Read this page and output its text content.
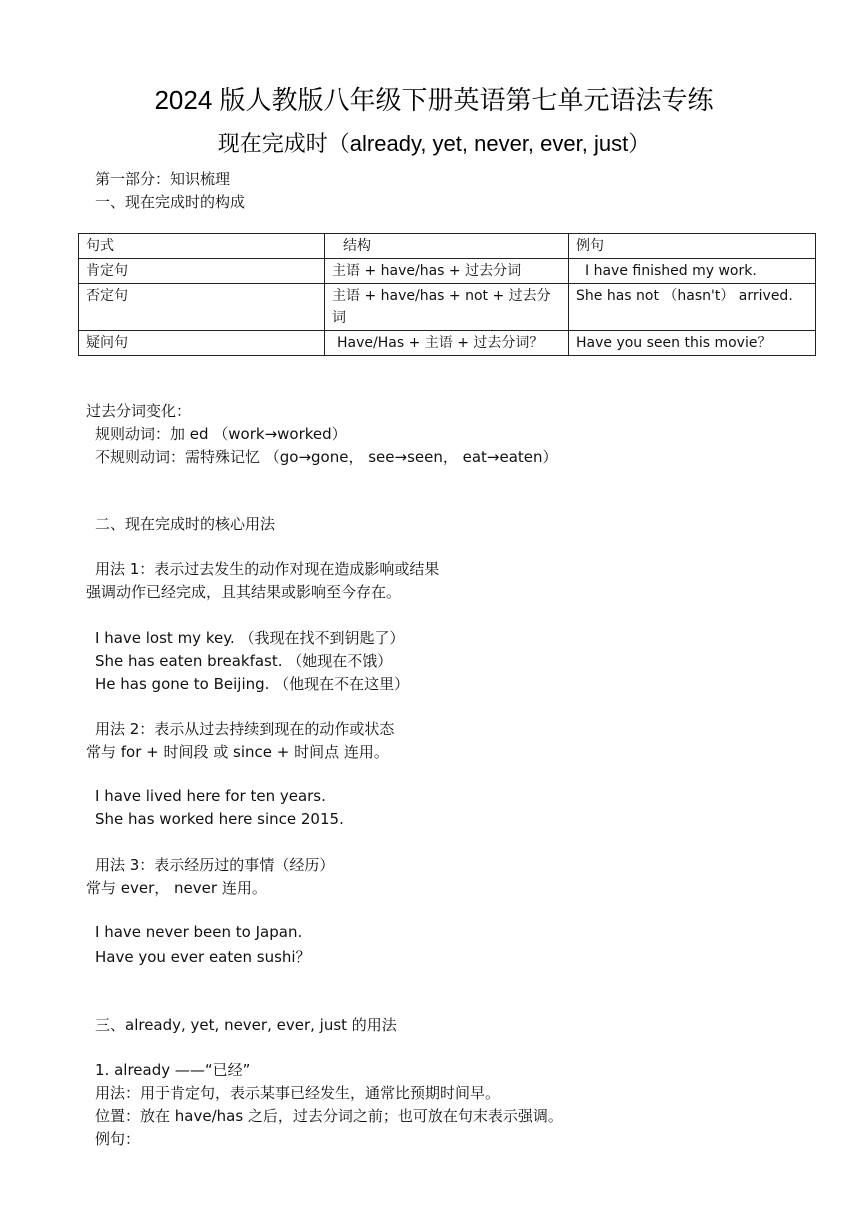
2024 版人教版八年级下册英语第七单元语法专练
现在完成时（already, yet, never, ever, just）
第一部分：知识梳理
一、现在完成时的构成
句式	结构	例句
肯定句	主语 + have/has + 过去分词	I have finished my work.
否定句	主语 + have/has + not + 过去分词	She has not （hasn't） arrived.
疑问句	Have/Has + 主语 + 过去分词？	Have you seen this movie？
过去分词变化：
规则动词：加 ed （work→worked）
不规则动词：需特殊记忆 （go→gone， see→seen， eat→eaten）
二、现在完成时的核心用法
用法 1：表示过去发生的动作对现在造成影响或结果
强调动作已经完成，且其结果或影响至今存在。
I have lost my key. （我现在找不到钥匙了）
She has eaten breakfast. （她现在不饿）
He has gone to Beijing. （他现在不在这里）
用法 2：表示从过去持续到现在的动作或状态
常与 for + 时间段 或 since + 时间点 连用。
I have lived here for ten years.
She has worked here since 2015.
用法 3：表示经历过的事情（经历）
常与 ever， never 连用。
I have never been to Japan.
Have you ever eaten sushi？
三、already, yet, never, ever, just 的用法
1. already ——“已经”
用法：用于肯定句，表示某事已经发生，通常比预期时间早。
位置：放在 have/has 之后，过去分词之前；也可放在句末表示强调。
例句：
